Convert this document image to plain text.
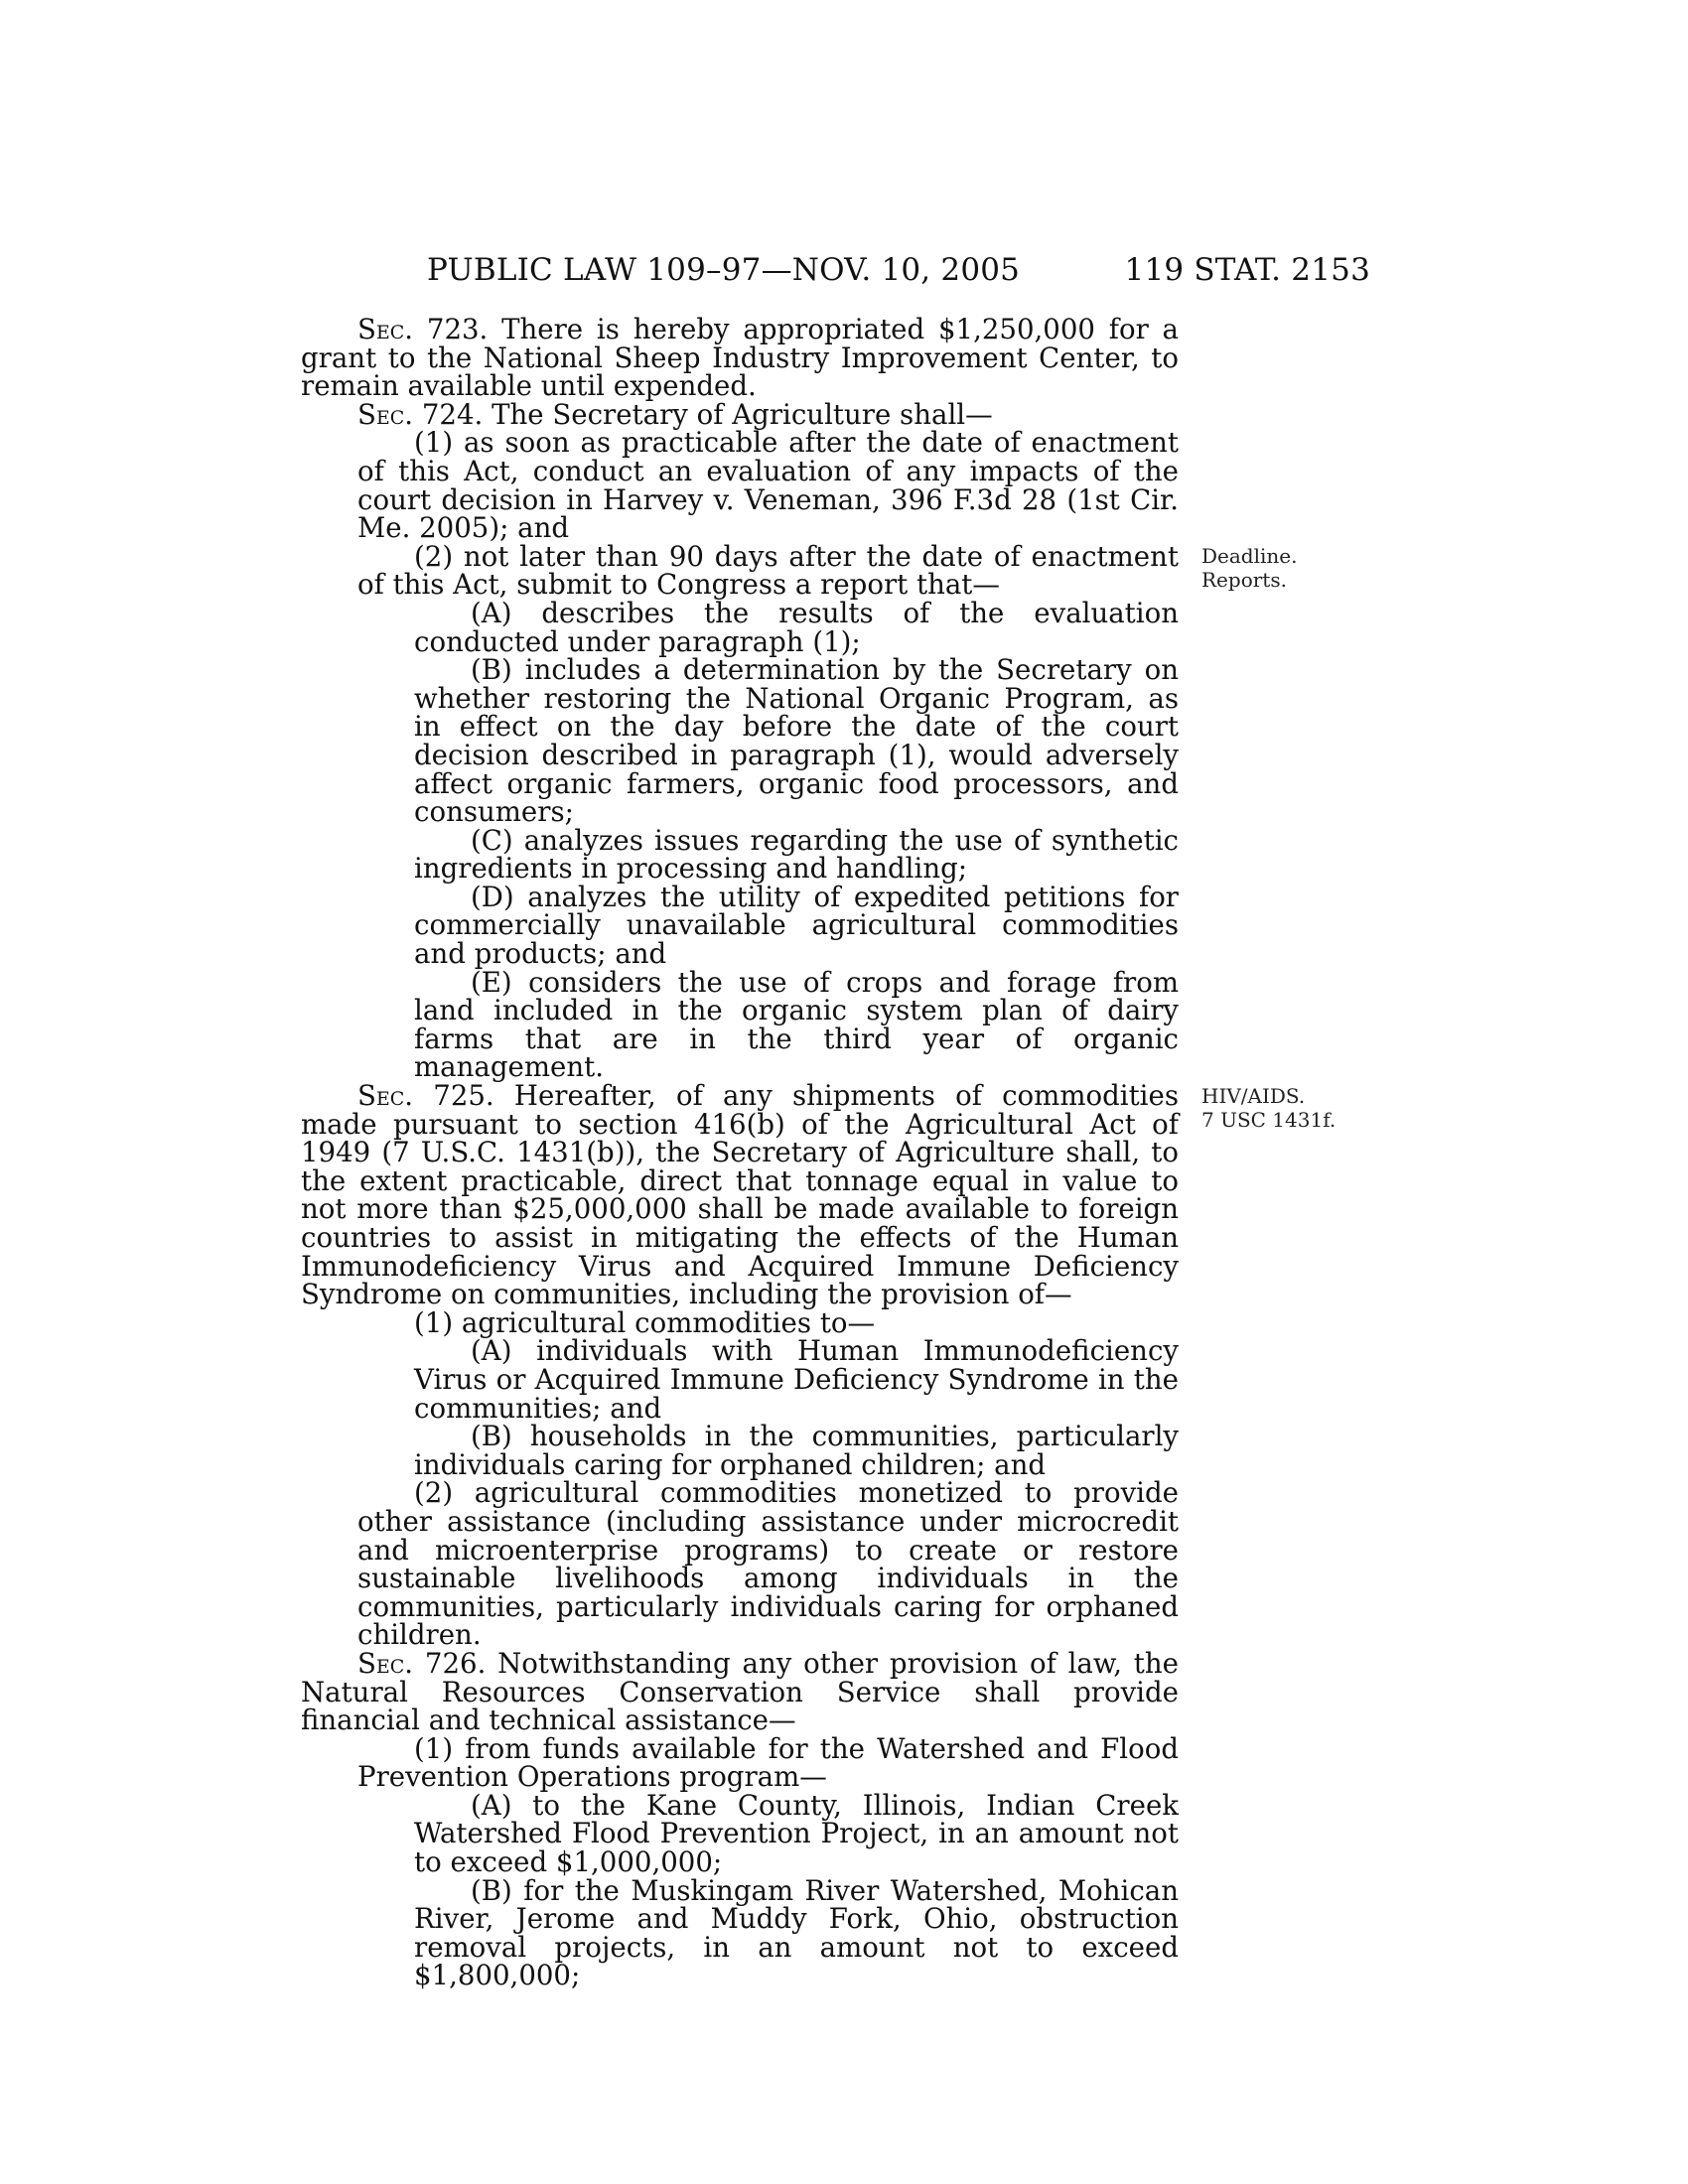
PUBLIC LAW 109–97—NOV. 10, 2005	119 STAT. 2153
Deadline.
Reports.
HIV/AIDS.
7 USC 1431f.

Sec. 723. There is hereby appropriated $1,250,000 for a grant to the National Sheep Industry Improvement Center, to remain available until expended.

Sec. 724. The Secretary of Agriculture shall—

(1) as soon as practicable after the date of enactment of this Act, conduct an evaluation of any impacts of the court decision in Harvey v. Veneman, 396 F.3d 28 (1st Cir. Me. 2005); and

(2) not later than 90 days after the date of enactment of this Act, submit to Congress a report that—

(A) describes the results of the evaluation conducted under paragraph (1);

(B) includes a determination by the Secretary on whether restoring the National Organic Program, as in effect on the day before the date of the court decision described in paragraph (1), would adversely affect organic farmers, organic food processors, and consumers;

(C) analyzes issues regarding the use of synthetic ingredients in processing and handling;

(D) analyzes the utility of expedited petitions for commercially unavailable agricultural commodities and products; and

(E) considers the use of crops and forage from land included in the organic system plan of dairy farms that are in the third year of organic management.

Sec. 725. Hereafter, of any shipments of commodities made pursuant to section 416(b) of the Agricultural Act of 1949 (7 U.S.C. 1431(b)), the Secretary of Agriculture shall, to the extent practicable, direct that tonnage equal in value to not more than $25,000,000 shall be made available to foreign countries to assist in mitigating the effects of the Human Immunodeficiency Virus and Acquired Immune Deficiency Syndrome on communities, including the provision of—

(1) agricultural commodities to—

(A) individuals with Human Immunodeficiency Virus or Acquired Immune Deficiency Syndrome in the communities; and

(B) households in the communities, particularly individuals caring for orphaned children; and

(2) agricultural commodities monetized to provide other assistance (including assistance under microcredit and microenterprise programs) to create or restore sustainable livelihoods among individuals in the communities, particularly individuals caring for orphaned children.

Sec. 726. Notwithstanding any other provision of law, the Natural Resources Conservation Service shall provide financial and technical assistance—

(1) from funds available for the Watershed and Flood Prevention Operations program—

(A) to the Kane County, Illinois, Indian Creek Watershed Flood Prevention Project, in an amount not to exceed $1,000,000;

(B) for the Muskingam River Watershed, Mohican River, Jerome and Muddy Fork, Ohio, obstruction removal projects, in an amount not to exceed $1,800,000;
